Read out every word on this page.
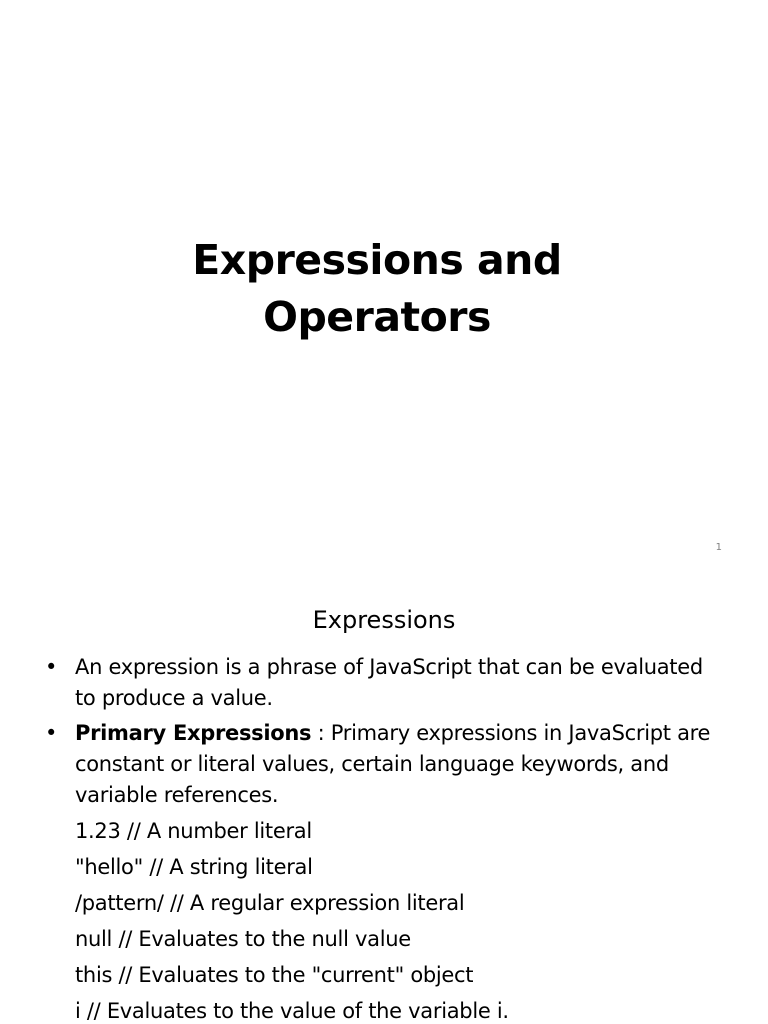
Expressions and
Operators
1
Expressions
• An expression is a phrase of JavaScript that can be evaluated to produce a value.
• Primary Expressions : Primary expressions in JavaScript are constant or literal values, certain language keywords, and variable references.
1.23 // A number literal
"hello" // A string literal
/pattern/ // A regular expression literal
null // Evaluates to the null value
this // Evaluates to the "current" object
i // Evaluates to the value of the variable i.
